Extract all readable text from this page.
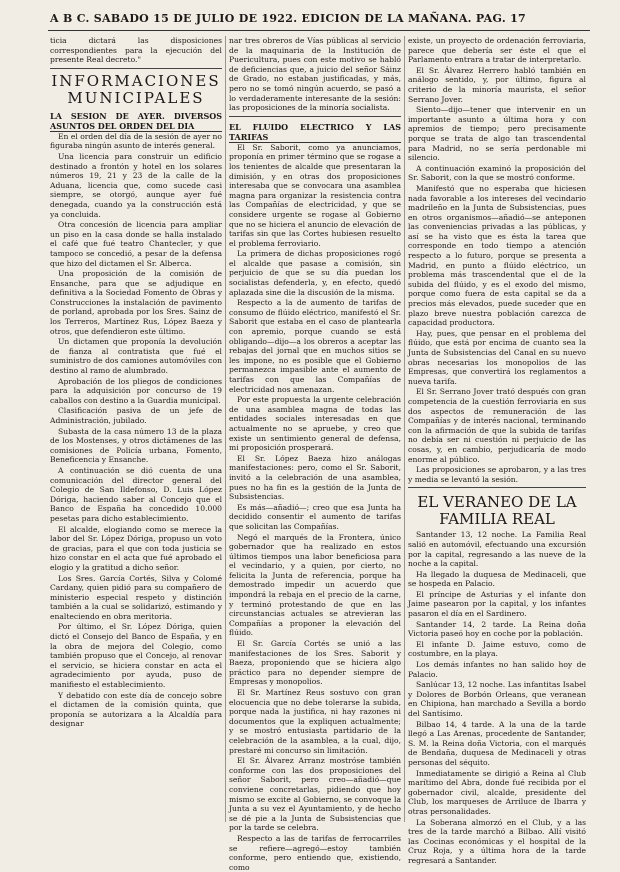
A B C. SABADO 15 DE JULIO DE 1922. EDICION DE LA MAÑANA. PAG. 17

ticia dictará las disposiciones correspondientes para la ejecución del presente Real decreto."

INFORMACIONES MUNICIPALES
LA SESION DE AYER. DIVERSOS ASUNTOS DEL ORDEN DEL DIA

En el orden del día de la sesión de ayer no figuraba ningún asunto de interés general.

Una licencia para construir un edificio destinado a frontón y hotel en los solares números 19, 21 y 23 de la calle de la Aduana, licencia que, como sucede casi siempre, se otorgó, aunque ayer fué denegada, cuando ya la construcción está ya concluida.

Otra concesión de licencia para ampliar un piso en la casa donde se halla instalado el café que fué teatro Chantecler, y que tampoco se concedió, a pesar de la defensa que hizo del dictamen el Sr. Alberca.

Una proposición de la comisión de Ensanche, para que se adjudique en definitiva a la Sociedad Fomento de Obras y Construcciones la instalación de pavimento de porland, aprobada por los Sres. Sainz de los Terreros, Martínez Rus, López Baeza y otros, que defendieron este último.

Un dictamen que proponía la devolución de fianza al contratista que fué el suministro de dos camiones automóviles con destino al ramo de alumbrado.

Aprobación de los pliegos de condiciones para la adquisición por concurso de 19 caballos con destino a la Guardia municipal.

Clasificación pasiva de un jefe de Administración, jubilado.

Subasta de la casa número 13 de la plaza de los Mostenses, y otros dictámenes de las comisiones de Policía urbana, Fomento, Beneficencia y Ensanche.

A continuación se dió cuenta de una comunicación del director general del Colegio de San Ildefonso, D. Luis López Dóriga, haciendo saber al Concejo que el Banco de España ha concedido 10.000 pesetas para dicho establecimiento.

El alcalde, elogiando como se merece la labor del Sr. López Dóriga, propuso un voto de gracias, para el que con toda justicia se hizo constar en el acta que fué aprobado el elogio y la gratitud a dicho señor.

Los Sres. García Cortés, Silva y Colomé Cardany, quien pidió para su compañero de ministerio especial respeto y distinción también a la cual se solidarizó, estimando y enalteciendo en obra meritoria.

Por último, el Sr. López Dóriga, quien dictó el Consejo del Banco de España, y en la obra de mejora del Colegio, como también propuso que el Concejo, al renovar el servicio, se hiciera constar en acta el agradecimiento por ayuda, puso de manifiesto el establecimiento.

Y debatido con este día de concejo sobre el dictamen de la comisión quinta, que proponía se autorizara a la Alcaldía para designar

nar tres obreros de Vías públicas al servicio de la maquinaria de la Institución de Puericultura, pues con este motivo se habló de deficiencias que, a juicio del señor Sáinz de Grado, no estaban justificadas, y más, pero no se tomó ningún acuerdo, se pasó a lo verdaderamente interesante de la sesión: las proposiciones de la minoría socialista.

EL FLUIDO ELECTRICO Y LAS TARIFAS

El Sr. Saborit, como ya anunciamos, proponía en primer término que se rogase a los tenientes de alcalde que presentaran la dimisión, y en otras dos proposiciones interesaba que se convocara una asamblea magna para organizar la resistencia contra las Compañías de electricidad, y que se considere urgente se rogase al Gobierno que no se hiciera el anuncio de elevación de tarifas sin que las Cortes hubiesen resuelto el problema ferroviario.

La primera de dichas proposiciones rogó el alcalde que pasase a comisión, sin perjuicio de que se su día puedan los socialistas defenderla, y, en efecto, quedó aplazada sine die la discusión de la misma.

Respecto a la de aumento de tarifas de consumo de flúido eléctrico, manifestó el Sr. Saborit que estaba en el caso de plantearla con apremio, porque cuando se está obligando—dijo—a los obreros a aceptar las rebajas del jornal que en muchos sitios se les impone, no es posible que el Gobierno permanezca impasible ante el aumento de tarifas con que las Compañías de electricidad nos amenazan.

Por este propuesta la urgente celebración de una asamblea magna de todas las entidades sociales interesadas en que actualmente no se apruebe, y creo que existe un sentimiento general de defensa, mi proposición prosperará.

El Sr. López Baeza hizo análogas manifestaciones: pero, como el Sr. Saborit, invitó a la celebración de una asamblea, pues no ha fin es la gestión de la Junta de Subsistencias.

Es más—añadió—; creo que esa Junta ha decidido consentir el aumento de tarifas que solicitan las Compañías.

Negó el marqués de la Frontera, único gobernador que ha realizado en estos últimos tiempos una labor beneficiosa para el vecindario, y a quien, por cierto, no felicita la Junta de referencia, porque ha demostrado impedir un acuerdo que impondrá la rebaja en el precio de la carne, y terminó protestando de que en las circunstancias actuales se atrevieran las Compañías a proponer la elevación del flúido.

El Sr. García Cortés se unió a las manifestaciones de los Sres. Saborit y Baeza, proponiendo que se hiciera algo práctico para no depender siempre de Empresas y monopolios.

El Sr. Martínez Reus sostuvo con gran elocuencia que no debe tolerarse la subida, porque nada la justifica, ni hay razones ni documentos que la expliquen actualmente; y se mostró entusiasta partidario de la celebración de la asamblea, a la cual, dijo, prestaré mi concurso sin limitación.

El Sr. Álvarez Arranz mostróse también conforme con las dos proposiciones del señor Saborit, pero creo—añadió—que conviene concretarlas, pidiendo que hoy mismo se excite al Gobierno, se convoque la Junta a su vez el Ayuntamiento, y de hecho se dé pie a la Junta de Subsistencias que por la tarde se celebra.

Respecto a las de tarifas de ferrocarriles se refiere—agregó—estoy también conforme, pero entiendo que, existiendo, como

existe, un proyecto de ordenación ferroviaria, parece que debería ser éste el que el Parlamento entrara a tratar de interpretarlo.

El Sr. Álvarez Herrero habló también en análogo sentido, y, por último, figura al criterio de la minoría maurista, el señor Serrano Jover.

Siento—dijo—tener que intervenir en un importante asunto a última hora y con apremios de tiempo; pero precisamente porque se trata de algo tan trascendental para Madrid, no se sería perdonable mi silencio.

A continuación examinó la proposición del Sr. Saborit, con la que se mostró conforme.

Manifestó que no esperaba que hiciesen nada favorable a los intereses del vecindario madrileño en la Junta de Subsistencias, pues en otros organismos—añadió—se anteponen las conveniencias privadas a las públicas, y así se ha visto que es ésta la tarea que corresponde en todo tiempo a atención respecto a lo futuro, porque se presenta a Madrid, en punto a flúido eléctrico, un problema más trascendental que el de la subida del flúido, y es el exodo del mismo, porque como fuera de esta capital se da a precios más elevados, puede suceder que en plazo breve nuestra población carezca de capacidad productora.

Hay, pues, que pensar en el problema del flúido, que está por encima de cuanto sea la Junta de Subsistencias del Canal en su nuevo obras necesarias los monopolios de las Empresas, que convertirá los reglamentos a nueva tarifa.

El Sr. Serrano Jover trató después con gran competencia de la cuestión ferroviaria en sus dos aspectos de remuneración de las Compañías y de interés nacional, terminando con la afirmación de que la subida de tarifas no debía ser ni cuestión ni perjuicio de las cosas, y, en cambio, perjudicaría de modo enorme al público.

Las proposiciones se aprobaron, y a las tres y media se levantó la sesión.

EL VERANEO DE LA FAMILIA REAL

Santander 13, 12 noche. La Familia Real salió en automóvil, efectuando una excursión por la capital, regresando a las nueve de la noche a la capital.

Ha llegado la duquesa de Medinaceli, que se hospeda en Palacio.

El príncipe de Asturias y el infante don Jaime pasearon por la capital, y los infantes pasaron el día en el Sardinero.

Santander 14, 2 tarde. La Reina doña Victoria paseó hoy en coche por la población.

El infante D. Jaime estuvo, como de costumbre, en la playa.

Los demás infantes no han salido hoy de Palacio.

Sanlúcar 13, 12 noche. Las infantitas Isabel y Dolores de Borbón Orleans, que veranean en Chipiona, han marchado a Sevilla a bordo del Santísimo.

Bilbao 14, 4 tarde. A la una de la tarde llegó a Las Arenas, procedente de Santander, S. M. la Reina doña Victoria, con el marqués de Bendaña, duquesa de Medinaceli y otras personas del séquito.

Inmediatamente se dirigió a Reina al Club marítimo del Abra, donde fué recibida por el gobernador civil, alcalde, presidente del Club, los marqueses de Arriluce de Ibarra y otras personalidades.

La Soberana almorzó en el Club, y a las tres de la tarde marchó a Bilbao. Allí visitó las Cocinas económicas y el hospital de la Cruz Roja, y a última hora de la tarde regresará a Santander.
